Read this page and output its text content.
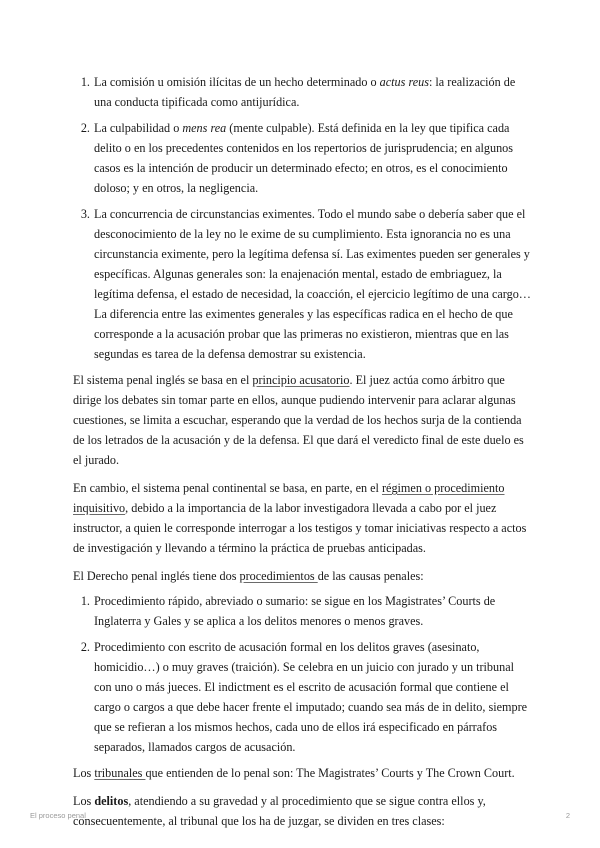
1. La comisión u omisión ilícitas de un hecho determinado o actus reus: la realización de una conducta tipificada como antijurídica.
2. La culpabilidad o mens rea (mente culpable). Está definida en la ley que tipifica cada delito o en los precedentes contenidos en los repertorios de jurisprudencia; en algunos casos es la intención de producir un determinado efecto; en otros, es el conocimiento doloso; y en otros, la negligencia.
3. La concurrencia de circunstancias eximentes. Todo el mundo sabe o debería saber que el desconocimiento de la ley no le exime de su cumplimiento. Esta ignorancia no es una circunstancia eximente, pero la legítima defensa sí. Las eximentes pueden ser generales y específicas. Algunas generales son: la enajenación mental, estado de embriaguez, la legítima defensa, el estado de necesidad, la coacción, el ejercicio legítimo de una cargo… La diferencia entre las eximentes generales y las específicas radica en el hecho de que corresponde a la acusación probar que las primeras no existieron, mientras que en las segundas es tarea de la defensa demostrar su existencia.

El sistema penal inglés se basa en el principio acusatorio. El juez actúa como árbitro que dirige los debates sin tomar parte en ellos, aunque pudiendo intervenir para aclarar algunas cuestiones, se limita a escuchar, esperando que la verdad de los hechos surja de la contienda de los letrados de la acusación y de la defensa. El que dará el veredicto final de este duelo es el jurado.

En cambio, el sistema penal continental se basa, en parte, en el régimen o procedimiento inquisitivo, debido a la importancia de la labor investigadora llevada a cabo por el juez instructor, a quien le corresponde interrogar a los testigos y tomar iniciativas respecto a actos de investigación y llevando a término la práctica de pruebas anticipadas.

El Derecho penal inglés tiene dos procedimientos de las causas penales:

1. Procedimiento rápido, abreviado o sumario: se sigue en los Magistrates’ Courts de Inglaterra y Gales y se aplica a los delitos menores o menos graves.
2. Procedimiento con escrito de acusación formal en los delitos graves (asesinato, homicidio…) o muy graves (traición). Se celebra en un juicio con jurado y un tribunal con uno o más jueces. El indictment es el escrito de acusación formal que contiene el cargo o cargos a que debe hacer frente el imputado; cuando sea más de in delito, siempre que se refieran a los mismos hechos, cada uno de ellos irá especificado en párrafos separados, llamados cargos de acusación.

Los tribunales que entienden de lo penal son: The Magistrates’ Courts y The Crown Court.

Los delitos, atendiendo a su gravedad y al procedimiento que se sigue contra ellos y, consecuentemente, al tribunal que los ha de juzgar, se dividen en tres clases:

El proceso penal	2
